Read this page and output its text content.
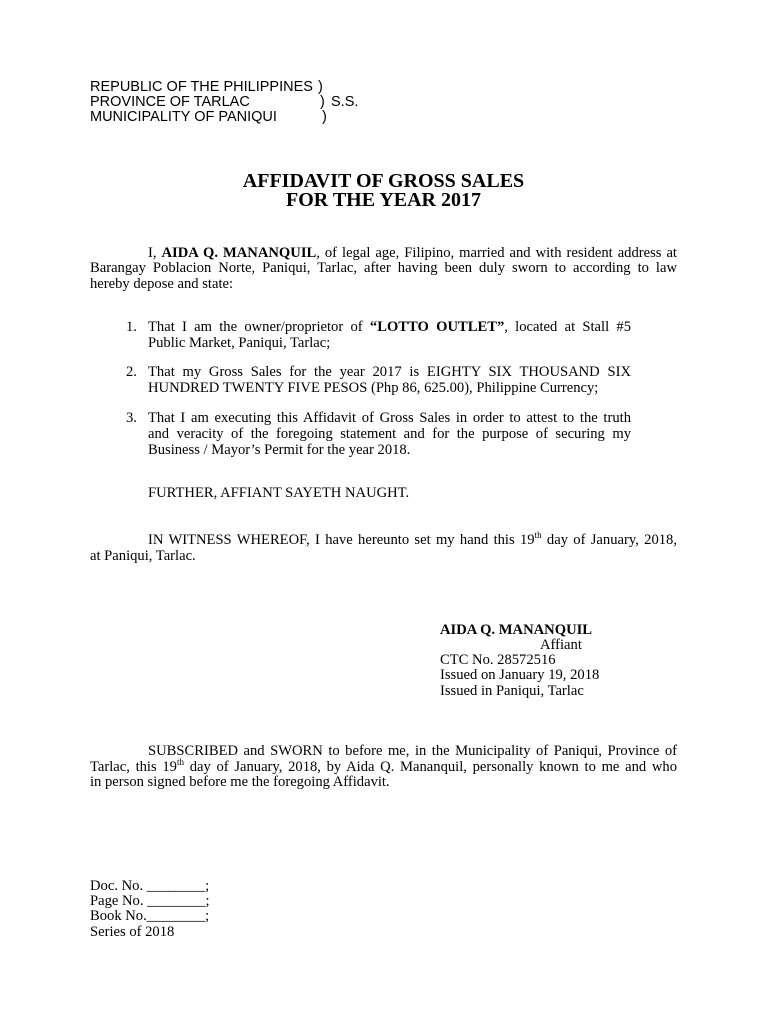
REPUBLIC OF THE PHILIPPINES )
PROVINCE OF TARLAC	) S.S.
MUNICIPALITY OF PANIQUI	)
AFFIDAVIT OF GROSS SALES
FOR THE YEAR 2017
I, AIDA Q. MANANQUIL, of legal age, Filipino, married and with resident address at
Barangay Poblacion Norte, Paniqui, Tarlac, after having been duly sworn to according to law
hereby depose and state:
1. That I am the owner/proprietor of “LOTTO OUTLET”, located at Stall #5
Public Market, Paniqui, Tarlac;
2. That my Gross Sales for the year 2017 is EIGHTY SIX THOUSAND SIX
HUNDRED TWENTY FIVE PESOS (Php 86, 625.00), Philippine Currency;
3. That I am executing this Affidavit of Gross Sales in order to attest to the truth
and veracity of the foregoing statement and for the purpose of securing my
Business / Mayor’s Permit for the year 2018.
FURTHER, AFFIANT SAYETH NAUGHT.
IN WITNESS WHEREOF, I have hereunto set my hand this 19th day of January, 2018,
at Paniqui, Tarlac.
AIDA Q. MANANQUIL
Affiant
CTC No. 28572516
Issued on January 19, 2018
Issued in Paniqui, Tarlac
SUBSCRIBED and SWORN to before me, in the Municipality of Paniqui, Province of
Tarlac, this 19th day of January, 2018, by Aida Q. Mananquil, personally known to me and who
in person signed before me the foregoing Affidavit.
Doc. No. ________;
Page No. ________;
Book No.________;
Series of 2018
